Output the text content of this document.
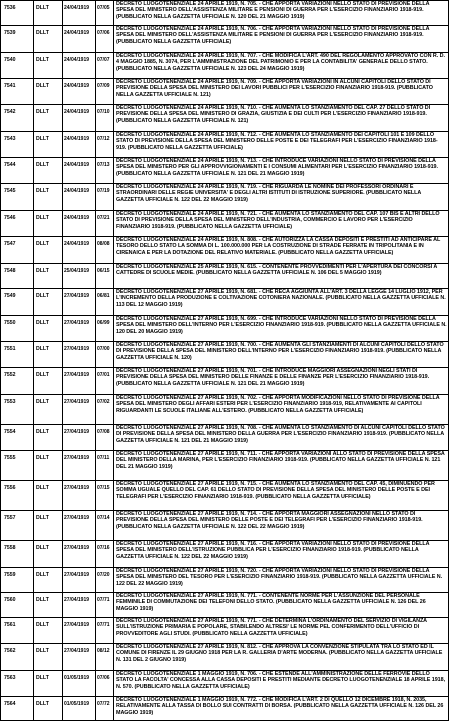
7536	DLLT	24/04/1919	07/05	DECRETO LUOGOTENENZIALE 24 APRILE 1919, N. 705. - CHE APPORTA VARIAZIONI NELLO STATO DI PREVISIONE DELLA SPESA DEL MINISTERO DELL'ASSISTENZA MILITARE E PENSIONI DI GUERRA PER L'ESERCIZIO FINANZIARIO 1918-919. (PUBBLICATO NELLA GAZZETTA UFFICIALE N. 120 DEL 21 MAGGIO 1919)

7539	DLLT	24/04/1919	07/06	DECRETO LUOGOTENENZIALE 24 APRILE 1919, N. 706. - CHE APPORTA VARIAZIONI NELLO STATO DI PREVISIONE DELLA SPESA DEL MINISTERO DELL'ASSISTENZA MILITARE E PENSIONI DI GUERRA PER L'ESERCIZIO FINANZIARIO 1918-919. (PUBBLICATO NELLA GAZZETTA UFFICIALE)

7540	DLLT	24/04/1919	07/07	DECRETO LUOGOTENENZIALE 24 APRILE 1919, N. 707. - CHE MODIFICA L'ART. 490 DEL REGOLAMENTO APPROVATO CON R. D. 4 MAGGIO 1885, N. 3074, PER L'AMMINISTRAZIONE DEL PATRIMONIO E PER LA CONTABILITA' GENERALE DELLO STATO. (PUBBLICATO NELLA GAZZETTA UFFICIALE N. 123 DEL 24 MAGGIO 1919)

7541	DLLT	24/04/1919	07/09	DECRETO LUOGOTENENZIALE 24 APRILE 1919, N. 709. - CHE APPORTA VARIAZIONI IN ALCUNI CAPITOLI DELLO STATO DI PREVISIONE DELLA SPESA DEL MINISTERO DEI LAVORI PUBBLICI PER L'ESERCIZIO FINANZIARIO 1918-919. (PUBBLICATO NELLA GAZZETTA UFFICIALE N. 121)

7542	DLLT	24/04/1919	07/10	DECRETO LUOGOTENENZIALE 24 APRILE 1919, N. 710. - CHE AUMENTA LO STANZIAMENTO DEL CAP. 27 DELLO STATO DI PREVISIONE DELLA SPESA DEL MINISTERO DI GRAZIA, GIUSTIZIA E DEI CULTI PER L'ESERCIZIO FINANZIARIO 1918-919. (PUBBLICATO NELLA GAZZETTA UFFICIALE N. 121)

7543	DLLT	24/04/1919	07/12	DECRETO LUOGOTENENZIALE 24 APRILE 1919, N. 712. - CHE AUMENTA LO STANZIAMENTO DEI CAPITOLI 101 E 109 DELLO STATO DI PREVISIONE DELLA SPESA DEL MINISTERO DELLE POSTE E DEI TELEGRAFI PER L'ESERCIZIO FINANZIARIO 1918-919. (PUBBLICATO NELLA GAZZETTA UFFICIALE)

7544	DLLT	24/04/1919	07/13	DECRETO LUOGOTENENZIALE 24 APRILE 1919, N. 713. - CHE INTRODUCE VARIAZIONI NELLO STATO DI PREVISIONE DELLA SPESA DEL MINISTERO PER GLI APPROVVIGIONAMENTI E I CONSUMI ALIMENTARI PER L'ESERCIZIO FINANZIARIO 1918-919. (PUBBLICATO NELLA GAZZETTA UFFICIALE N. 121 DEL 21 MAGGIO 1919)

7545	DLLT	24/04/1919	07/19	DECRETO LUOGOTENENZIALE 24 APRILE 1919, N. 719. - CHE RIGUARDA LE NOMINE DEI PROFESSORI ORDINARI E STRAORDINARI DELLE REGIE UNIVERSITA' E DEGLI ALTRI ISTITUTI DI ISTRUZIONE SUPERIORE. (PUBBLICATO NELLA GAZZETTA UFFICIALE N. 122 DEL 22 MAGGIO 1919)

7546	DLLT	24/04/1919	07/21	DECRETO LUOGOTENENZIALE 24 APRILE 1919, N. 721. - CHE AUMENTA LO STANZIAMENTO DEL CAP. 107 BIS E ALTRI DELLO STATO DI PREVISIONE DELLA SPESA DEL MINISTERO DELL'INDUSTRIA, COMMERCIO E LAVORO PER L'ESERCIZIO FINANZIARIO 1918-919. (PUBBLICATO NELLA GAZZETTA UFFICIALE)

7547	DLLT	24/04/1919	08/08	DECRETO LUOGOTENENZIALE 24 APRILE 1919, N. 808. - CHE AUTORIZZA LA CASSA DEPOSITI E PRESTITI AD ANTICIPARE AL TESORO DELLO STATO LA SOMMA DI L. 100.000.000 PER LA COSTRUZIONE DI STRADE FERRATE IN TRIPOLITANIA E IN CIRENAICA E PER LA DOTAZIONE DEL RELATIVO MATERIALE. (PUBBLICATO NELLA GAZZETTA UFFICIALE)

7548	DLLT	25/04/1919	06/15	DECRETO LUOGOTENENZIALE 25 APRILE 1919, N. 615. - CONTENENTE PROVVEDIMENTI PER L'APERTURA DEI CONCORSI A CATTEDRE DI SCUOLE MEDIE. (PUBBLICATO NELLA GAZZETTA UFFICIALE N. 106 DEL 5 MAGGIO 1919)

7549	DLLT	27/04/1919	06/81	DECRETO LUOGOTENENZIALE 27 APRILE 1919, N. 681. - CHE RECA AGGIUNTA ALL'ART. 3 DELLA LEGGE 14 LUGLIO 1912, PER L'INCREMENTO DELLA PRODUZIONE E COLTIVAZIONE COTONIERA NAZIONALE. (PUBBLICATO NELLA GAZZETTA UFFICIALE N. 113 DEL 12 MAGGIO 1919)

7550	DLLT	27/04/1919	06/99	DECRETO LUOGOTENENZIALE 27 APRILE 1919, N. 699. - CHE INTRODUCE VARIAZIONI NELLO STATO DI PREVISIONE DELLA SPESA DEL MINISTERO DELL'INTERNO PER L'ESERCIZIO FINANZIARIO 1918-919. (PUBBLICATO NELLA GAZZETTA UFFICIALE N. 120 DEL 20 MAGGIO 1919)

7551	DLLT	27/04/1919	07/00	DECRETO LUOGOTENENZIALE 27 APRILE 1919, N. 700. - CHE AUMENTA GLI STANZIAMENTI DI ALCUNI CAPITOLI DELLO STATO DI PREVISIONE DELLA SPESA DEL MINISTERO DELL'INTERNO PER L'ESERCIZIO FINANZIARIO 1918-919. (PUBBLICATO NELLA GAZZETTA UFFICIALE N. 120)

7552	DLLT	27/04/1919	07/01	DECRETO LUOGOTENENZIALE 27 APRILE 1919, N. 701. - CHE INTRODUCE MAGGIORI ASSEGNAZIONI NEGLI STATI DI PREVISIONE DELLA SPESA DEL MINISTERO DELLE FINANZE E DELLE FINANZE PER L'ESERCIZIO FINANZIARIO 1918-919. (PUBBLICATO NELLA GAZZETTA UFFICIALE N. 121 DEL 21 MAGGIO 1919)

7553	DLLT	27/04/1919	07/02	DECRETO LUOGOTENENZIALE 27 APRILE 1919, N. 702. - CHE APPORTA MODIFICAZIONI NELLO STATO DI PREVISIONE DELLA SPESA DEL MINISTERO DEGLI AFFARI ESTERI PER L'ESERCIZIO FINANZIARIO 1918-919, RELATIVAMENTE AI CAPITOLI RIGUARDANTI LE SCUOLE ITALIANE ALL'ESTERO. (PUBBLICATO NELLA GAZZETTA UFFICIALE)

7554	DLLT	27/04/1919	07/08	DECRETO LUOGOTENENZIALE 27 APRILE 1919, N. 708. - CHE AUMENTA LO STANZIAMENTO DI ALCUNI CAPITOLI DELLO STATO DI PREVISIONE DELLA SPESA DEL MINISTERO DELLA GUERRA PER L'ESERCIZIO FINANZIARIO 1918-919. (PUBBLICATO NELLA GAZZETTA UFFICIALE N. 121 DEL 21 MAGGIO 1919)

7555	DLLT	27/04/1919	07/11	DECRETO LUOGOTENENZIALE 27 APRILE 1919, N. 711. - CHE APPORTA VARIAZIONI ALLO STATO DI PREVISIONE DELLA SPESA DEL MINISTERO DELLA MARINA, PER L'ESERCIZIO FINANZIARIO 1918-919. (PUBBLICATO NELLA GAZZETTA UFFICIALE N. 121 DEL 21 MAGGIO 1919)

7556	DLLT	27/04/1919	07/15	DECRETO LUOGOTENENZIALE 27 APRILE 1919, N. 715. - CHE AUMENTA LO STANZIAMENTO DEL CAP. 45, DIMINUENDO PER SOMMA UGUALE QUELLO DEL CAP. 61 DELLO STATO DI PREVISIONE DELLA SPESA DEL MINISTERO DELLE POSTE E DEI TELEGRAFI PER L'ESERCIZIO FINANZIARIO 1918-919. (PUBBLICATO NELLA GAZZETTA UFFICIALE)

7557	DLLT	27/04/1919	07/14	DECRETO LUOGOTENENZIALE 27 APRILE 1919, N. 714. - CHE APPORTA MAGGIORI ASSEGNAZIONI NELLO STATO DI PREVISIONE DELLA SPESA DEL MINISTERO DELLE POSTE E DEI TELEGRAFI PER L'ESERCIZIO FINANZIARIO 1918-919. (PUBBLICATO NELLA GAZZETTA UFFICIALE N. 122 DEL 22 MAGGIO 1919)

7558	DLLT	27/04/1919	07/16	DECRETO LUOGOTENENZIALE 27 APRILE 1919, N. 716. - CHE APPORTA VARIAZIONI NELLO STATO DI PREVISIONE DELLA SPESA DEL MINISTERO DELL'ISTRUZIONE PUBBLICA PER L'ESERCIZIO FINANZIARIO 1918-919. (PUBBLICATO NELLA GAZZETTA UFFICIALE N. 122 DEL 22 MAGGIO 1919)

7559	DLLT	27/04/1919	07/20	DECRETO LUOGOTENENZIALE 27 APRILE 1919, N. 720. - CHE APPORTA VARIAZIONI NELLO STATO DI PREVISIONE DELLA SPESA DEL MINISTERO DEL TESORO PER L'ESERCIZIO FINANZIARIO 1918-919. (PUBBLICATO NELLA GAZZETTA UFFICIALE N. 122 DEL 22 MAGGIO 1919)

7560	DLLT	27/04/1919	07/71	DECRETO LUOGOTENENZIALE 27 APRILE 1919, N. 771. - CONTENENTE NORME PER L'ASSUNZIONE DEL PERSONALE FEMMINILE DI COMMUTAZIONE DEI TELEFONI DELLO STATO. (PUBBLICATO NELLA GAZZETTA UFFICIALE N. 126 DEL 26 MAGGIO 1919)

7561	DLLT	27/04/1919	07/71	DECRETO LUOGOTENENZIALE 27 APRILE 1919, N. 771. - CHE DETERMINA L'ORDINAMENTO DEL SERVIZIO DI VIGILANZA SULL'ISTRUZIONE PRIMARIA E POPOLARE, STABILENDO ALTRESI' LE NORME PEL CONFERIMENTO DELL'UFFICIO DI PROVVEDITORE AGLI STUDI. (PUBBLICATO NELLA GAZZETTA UFFICIALE)

7562	DLLT	27/04/1919	08/12	DECRETO LUOGOTENENZIALE 27 APRILE 1919, N. 812. - CHE APPROVA LA CONVENZIONE STIPULATA TRA LO STATO ED IL COMUNE DI FIRENZE IL 29 GIUGNO 1918 PER LA R. GALLERIA D'ARTE MODERNA. (PUBBLICATO NELLA GAZZETTA UFFICIALE N. 131 DEL 2 GIUGNO 1919)

7563	DLLT	01/05/1919	07/06	DECRETO LUOGOTENENZIALE 1 MAGGIO 1919, N. 706. - CHE ESTENDE ALL'AMMINISTRAZIONE DELLE FERROVIE DELLO STATO LA FACOLTA' CONCESSA ALLA CASSA DEPOSITI E PRESTITI MEDIANTE DECRETO LUOGOTENENZIALE 18 APRILE 1918, N. 570. (PUBBLICATO NELLA GAZZETTA UFFICIALE)

7564	DLLT	01/05/1919	07/72	DECRETO LUOGOTENENZIALE 1 MAGGIO 1919, N. 772. - CHE MODIFICA L'ART. 2 DI QUELLO 12 DICEMBRE 1918, N. 2035, RELATIVAMENTE ALLA TASSA DI BOLLO SUI CONTRATTI DI BORSA. (PUBBLICATO NELLA GAZZETTA UFFICIALE N. 126 DEL 26 MAGGIO 1919)
